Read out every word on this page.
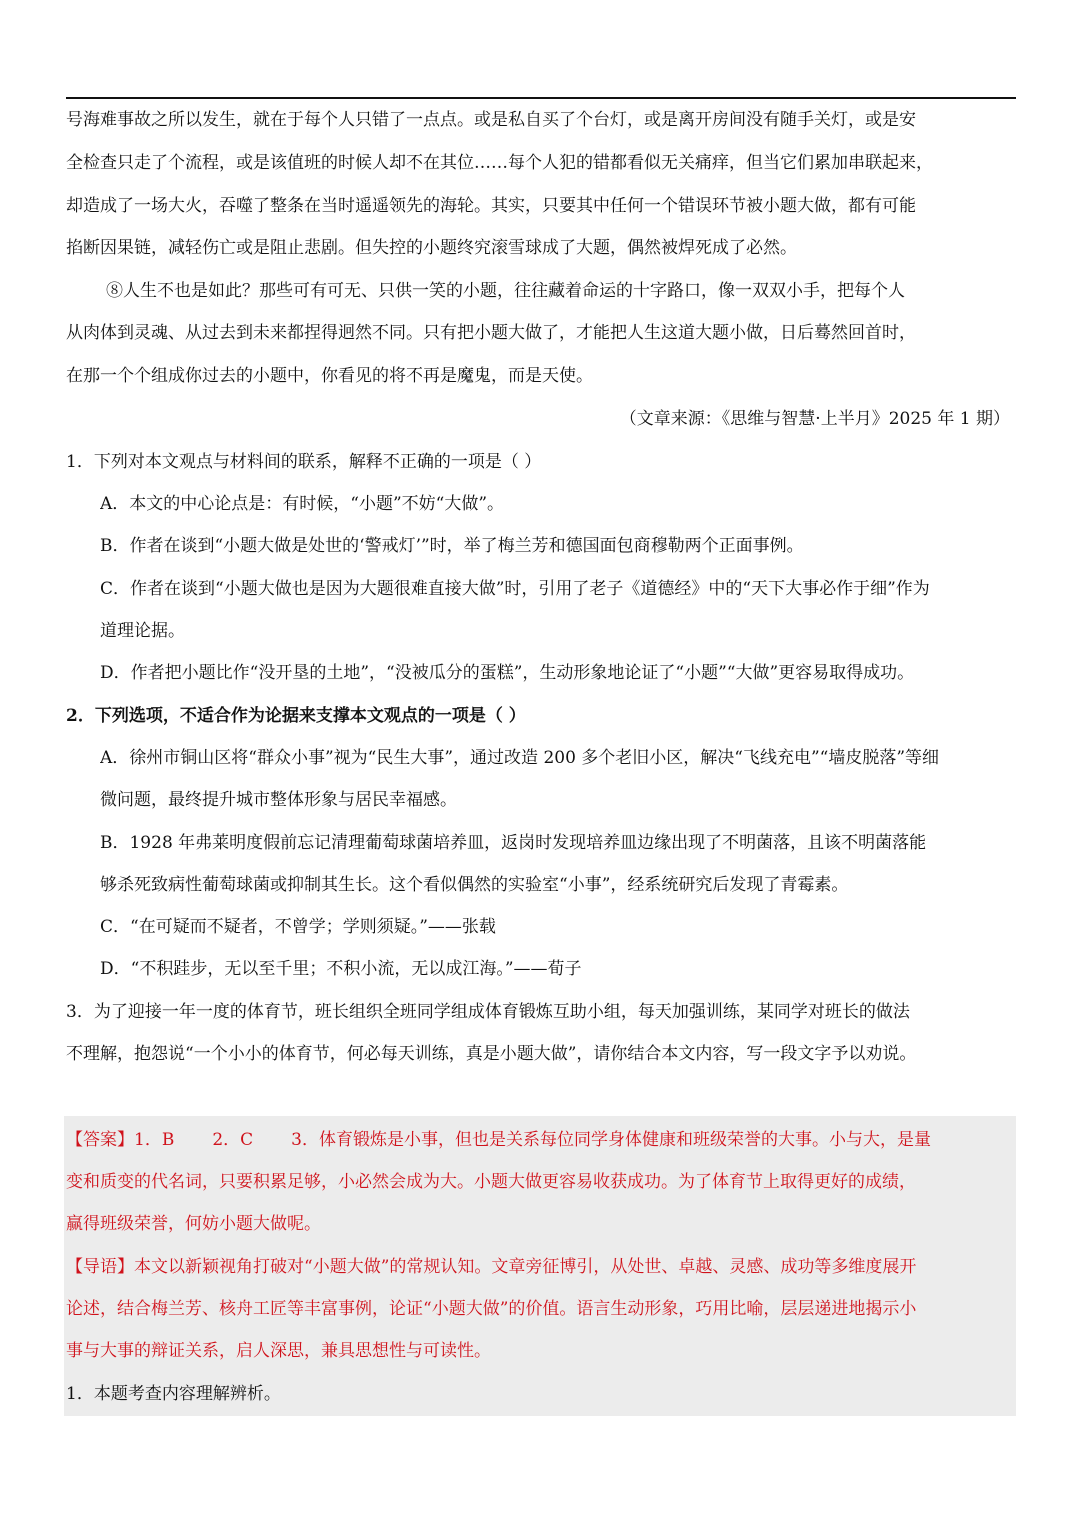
号海难事故之所以发生，就在于每个人只错了一点点。或是私自买了个台灯，或是离开房间没有随手关灯，或是安
全检查只走了个流程，或是该值班的时候人却不在其位……每个人犯的错都看似无关痛痒，但当它们累加串联起来，
却造成了一场大火，吞噬了整条在当时遥遥领先的海轮。其实，只要其中任何一个错误环节被小题大做，都有可能
掐断因果链，减轻伤亡或是阻止悲剧。但失控的小题终究滚雪球成了大题，偶然被焊死成了必然。
⑧人生不也是如此？那些可有可无、只供一笑的小题，往往藏着命运的十字路口，像一双双小手，把每个人
从肉体到灵魂、从过去到未来都捏得迥然不同。只有把小题大做了，才能把人生这道大题小做，日后蓦然回首时，
在那一个个组成你过去的小题中，你看见的将不再是魔鬼，而是天使。
（文章来源：《思维与智慧·上半月》2025 年 1 期）
1．下列对本文观点与材料间的联系，解释不正确的一项是（ ）
A．本文的中心论点是：有时候，“小题”不妨“大做”。
B．作者在谈到“小题大做是处世的‘警戒灯’”时，举了梅兰芳和德国面包商穆勒两个正面事例。
C．作者在谈到“小题大做也是因为大题很难直接大做”时，引用了老子《道德经》中的“天下大事必作于细”作为
道理论据。
D．作者把小题比作“没开垦的土地”，“没被瓜分的蛋糕”，生动形象地论证了“小题”“大做”更容易取得成功。
2．下列选项，不适合作为论据来支撑本文观点的一项是（ ）
A．徐州市铜山区将“群众小事”视为“民生大事”，通过改造 200 多个老旧小区，解决“飞线充电”“墙皮脱落”等细
微问题，最终提升城市整体形象与居民幸福感。
B．1928 年弗莱明度假前忘记清理葡萄球菌培养皿，返岗时发现培养皿边缘出现了不明菌落，且该不明菌落能
够杀死致病性葡萄球菌或抑制其生长。这个看似偶然的实验室“小事”，经系统研究后发现了青霉素。
C．“在可疑而不疑者，不曾学；学则须疑。”——张载
D．“不积跬步，无以至千里；不积小流，无以成江海。”——荀子
3．为了迎接一年一度的体育节，班长组织全班同学组成体育锻炼互助小组，每天加强训练，某同学对班长的做法
不理解，抱怨说“一个小小的体育节，何必每天训练，真是小题大做”，请你结合本文内容，写一段文字予以劝说。
【答案】1．B 2．C 3．体育锻炼是小事，但也是关系每位同学身体健康和班级荣誉的大事。小与大，是量
变和质变的代名词，只要积累足够，小必然会成为大。小题大做更容易收获成功。为了体育节上取得更好的成绩，
赢得班级荣誉，何妨小题大做呢。
【导语】本文以新颖视角打破对“小题大做”的常规认知。文章旁征博引，从处世、卓越、灵感、成功等多维度展开
论述，结合梅兰芳、核舟工匠等丰富事例，论证“小题大做”的价值。语言生动形象，巧用比喻，层层递进地揭示小
事与大事的辩证关系，启人深思，兼具思想性与可读性。
1．本题考查内容理解辨析。
